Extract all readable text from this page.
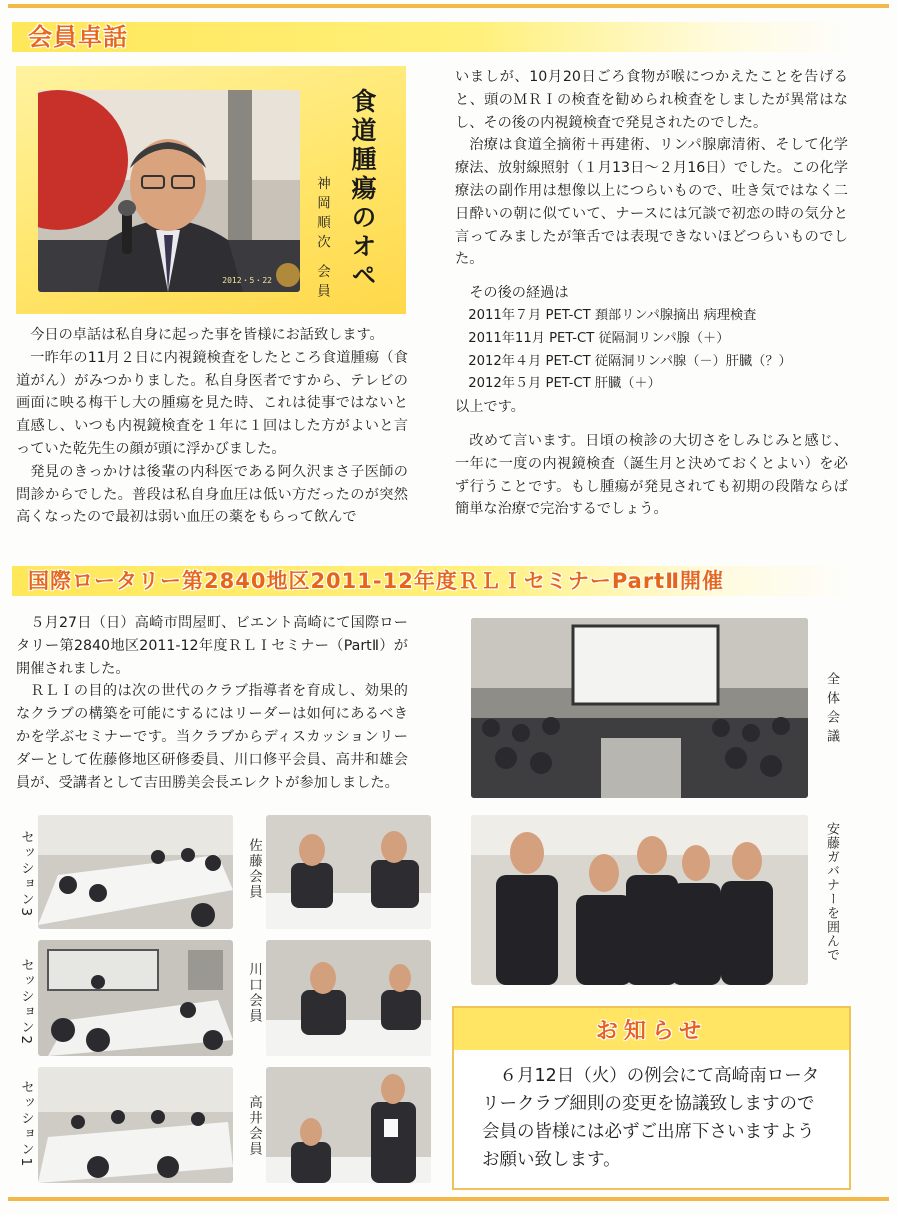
会員卓話
2012・5・22	食道腫瘍のオペ
神岡順次 会員

今日の卓話は私自身に起った事を皆様にお話致します。

一昨年の11月２日に内視鏡検査をしたところ食道腫瘍（食道がん）がみつかりました。私自身医者ですから、テレビの画面に映る梅干し大の腫瘍を見た時、これは徒事ではないと直感し、いつも内視鏡検査を１年に１回はした方がよいと言っていた乾先生の顔が頭に浮かびました。

発見のきっかけは後輩の内科医である阿久沢まさ子医師の問診からでした。普段は私自身血圧は低い方だったのが突然高くなったので最初は弱い血圧の薬をもらって飲んで

いましが、10月20日ごろ食物が喉につかえたことを告げると、頭のＭＲＩの検査を勧められ検査をしましたが異常はなし、その後の内視鏡検査で発見されたのでした。

治療は食道全摘術＋再建術、リンパ腺廓清術、そして化学療法、放射線照射（１月13日～２月16日）でした。この化学療法の副作用は想像以上につらいもので、吐き気ではなく二日酔いの朝に似ていて、ナースには冗談で初恋の時の気分と言ってみましたが筆舌では表現できないほどつらいものでした。

その後の経過は

2011年７月 PET-CT 頚部リンパ腺摘出 病理検査

2011年11月 PET-CT 従隔洞リンパ腺（＋）

2012年４月 PET-CT 従隔洞リンパ腺（－）肝臓（？）

2012年５月 PET-CT 肝臓（＋）

以上です。

改めて言います。日頃の検診の大切さをしみじみと感じ、一年に一度の内視鏡検査（誕生月と決めておくとよい）を必ず行うことです。もし腫瘍が発見されても初期の段階ならば簡単な治療で完治するでしょう。

国際ロータリー第2840地区2011-12年度ＲＬＩセミナーPartⅡ開催

５月27日（日）高崎市問屋町、ビエント高崎にて国際ロータリー第2840地区2011-12年度ＲＬＩセミナー（PartⅡ）が開催されました。

ＲＬＩの目的は次の世代のクラブ指導者を育成し、効果的なクラブの構築を可能にするにはリーダーは如何にあるべきかを学ぶセミナーです。当クラブからディスカッションリーダーとして佐藤修地区研修委員、川口修平会員、高井和雄会員が、受講者として吉田勝美会長エレクトが参加しました。

全体会議
安藤ガバナーを囲んで
セッション3	佐藤会員
セッション2	川口会員
セッション1	高井会員
お知らせ

６月12日（火）の例会にて高崎南ロータリークラブ細則の変更を協議致しますので会員の皆様には必ずご出席下さいますようお願い致します。
